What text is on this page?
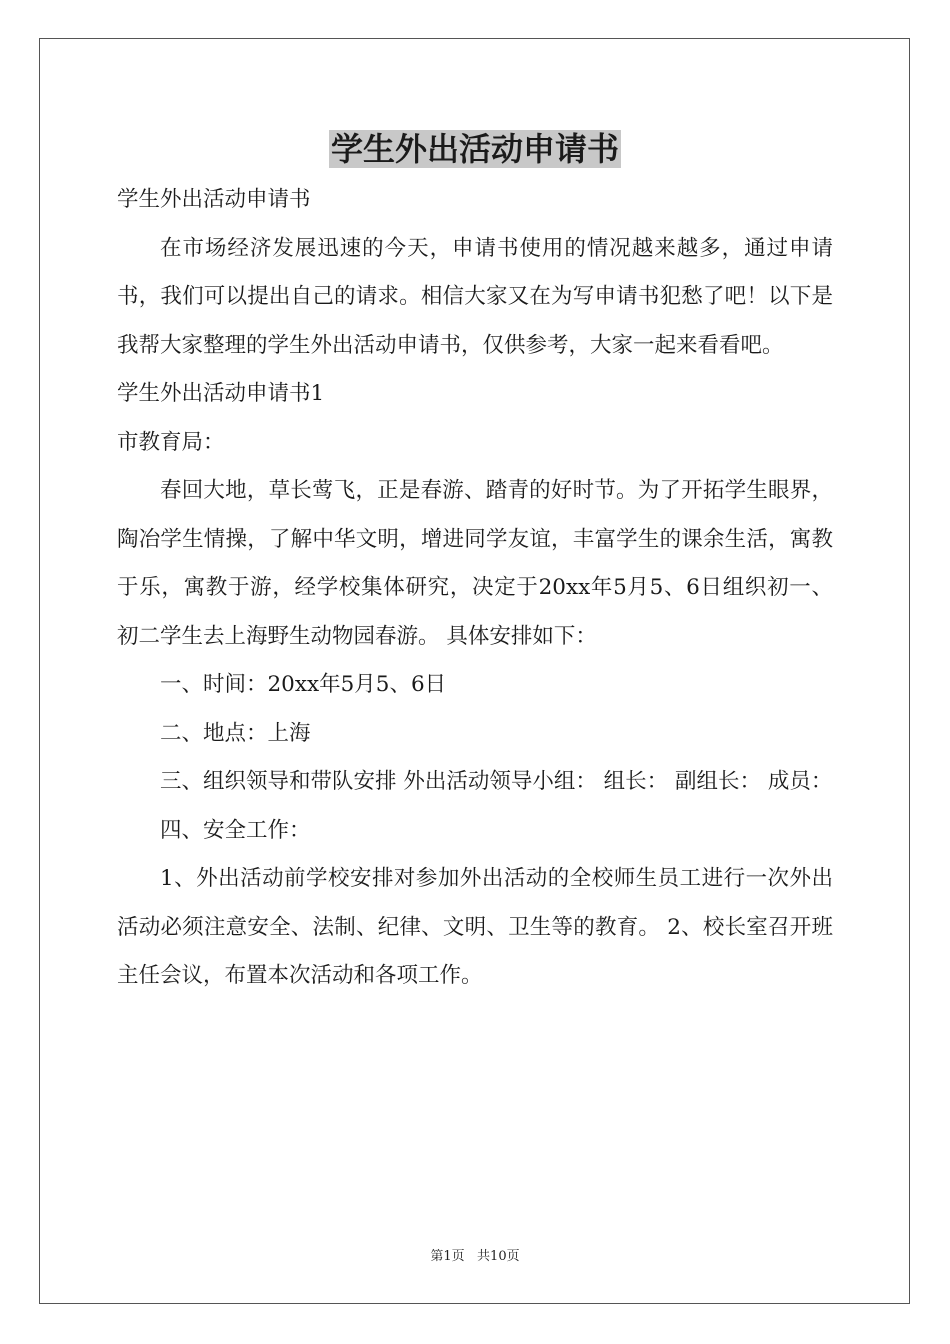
学生外出活动申请书

学生外出活动申请书

在市场经济发展迅速的今天，申请书使用的情况越来越多，通过申请书，我们可以提出自己的请求。相信大家又在为写申请书犯愁了吧！以下是我帮大家整理的学生外出活动申请书，仅供参考，大家一起来看看吧。

学生外出活动申请书1

市教育局：

春回大地，草长莺飞，正是春游、踏青的好时节。为了开拓学生眼界，陶冶学生情操，了解中华文明，增进同学友谊，丰富学生的课余生活，寓教于乐，寓教于游，经学校集体研究，决定于20xx年5月5、6日组织初一、初二学生去上海野生动物园春游。 具体安排如下：

一、时间：20xx年5月5、6日

二、地点：上海

三、组织领导和带队安排 外出活动领导小组： 组长： 副组长： 成员：

四、安全工作：

1、外出活动前学校安排对参加外出活动的全校师生员工进行一次外出活动必须注意安全、法制、纪律、文明、卫生等的教育。 2、校长室召开班主任会议，布置本次活动和各项工作。

第1页   共10页
